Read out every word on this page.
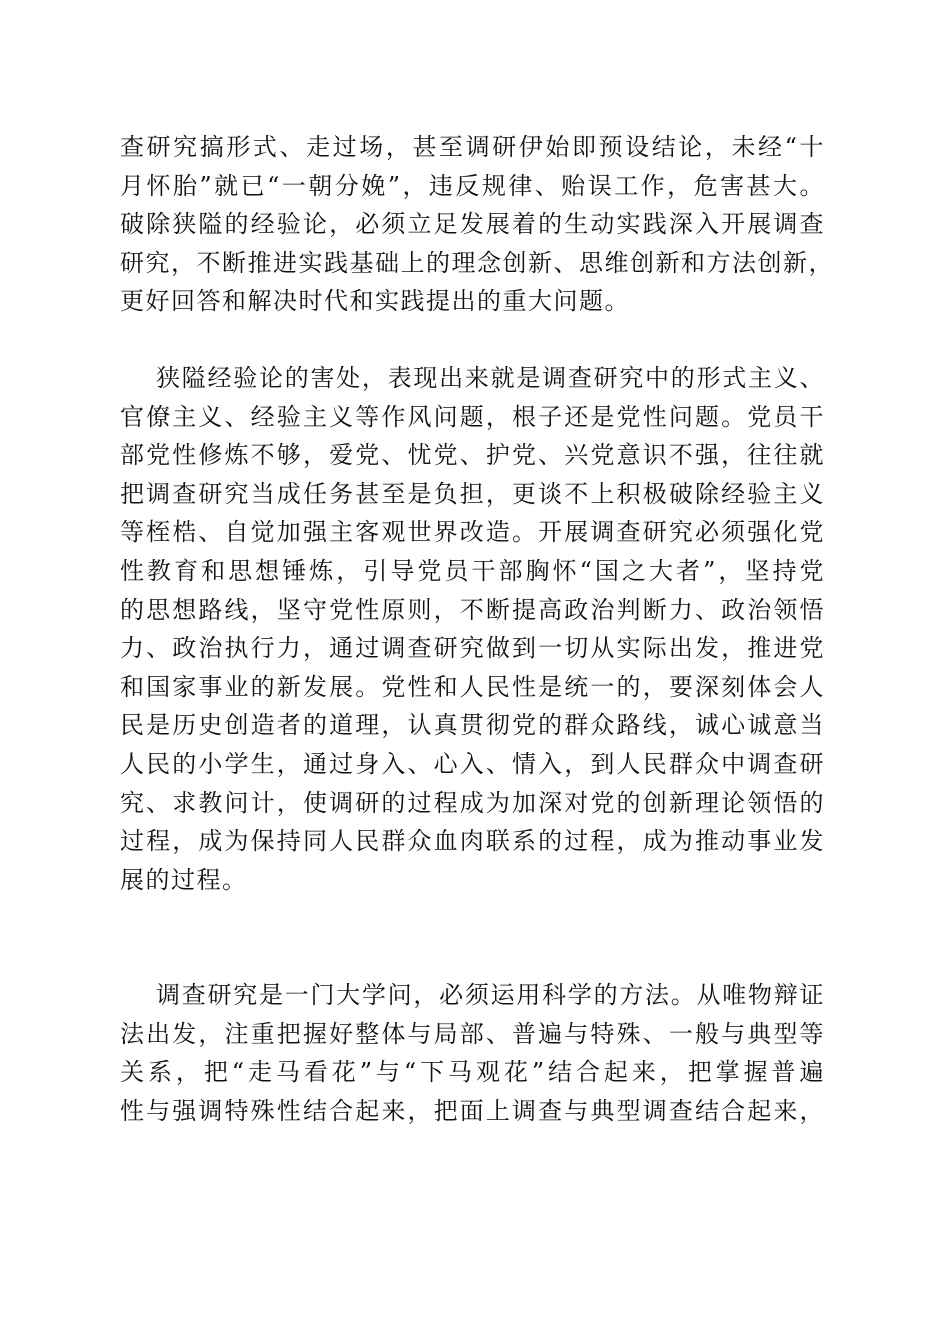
查研究搞形式、走过场，甚至调研伊始即预设结论，未经“十
月怀胎”就已“一朝分娩”，违反规律、贻误工作，危害甚大。
破除狭隘的经验论，必须立足发展着的生动实践深入开展调查
研究，不断推进实践基础上的理念创新、思维创新和方法创新，
更好回答和解决时代和实践提出的重大问题。
狭隘经验论的害处，表现出来就是调查研究中的形式主义、
官僚主义、经验主义等作风问题，根子还是党性问题。党员干
部党性修炼不够，爱党、忧党、护党、兴党意识不强，往往就
把调查研究当成任务甚至是负担，更谈不上积极破除经验主义
等桎梏、自觉加强主客观世界改造。开展调查研究必须强化党
性教育和思想锤炼，引导党员干部胸怀“国之大者”，坚持党
的思想路线，坚守党性原则，不断提高政治判断力、政治领悟
力、政治执行力，通过调查研究做到一切从实际出发，推进党
和国家事业的新发展。党性和人民性是统一的，要深刻体会人
民是历史创造者的道理，认真贯彻党的群众路线，诚心诚意当
人民的小学生，通过身入、心入、情入，到人民群众中调查研
究、求教问计，使调研的过程成为加深对党的创新理论领悟的
过程，成为保持同人民群众血肉联系的过程，成为推动事业发
展的过程。
调查研究是一门大学问，必须运用科学的方法。从唯物辩证
法出发，注重把握好整体与局部、普遍与特殊、一般与典型等
关系，把“走马看花”与“下马观花”结合起来，把掌握普遍
性与强调特殊性结合起来，把面上调查与典型调查结合起来，
